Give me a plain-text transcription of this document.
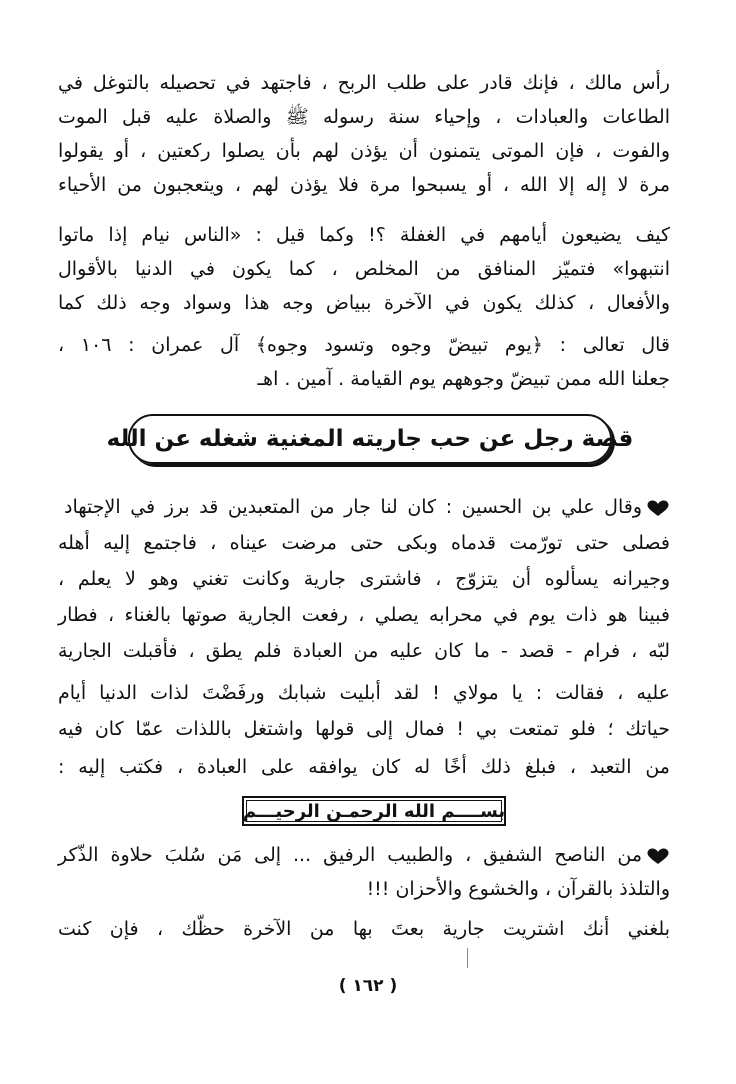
رأس مالك ، فإنك قادر على طلب الربح ، فاجتهد في تحصيله بالتوغل في
الطاعات والعبادات ، وإحياء سنة رسوله ﷺ والصلاة عليه قبل الموت
والفوت ، فإن الموتى يتمنون أن يؤذن لهم بأن يصلوا ركعتين ، أو يقولوا
مرة لا إله إلا الله ، أو يسبحوا مرة فلا يؤذن لهم ، ويتعجبون من الأحياء
كيف يضيعون أيامهم في الغفلة ؟! وكما قيل : «الناس نيام إذا ماتوا
انتبهوا» فتميّز المنافق من المخلص ، كما يكون في الدنيا بالأقوال
والأفعال ، كذلك يكون في الآخرة ببياض وجه هذا وسواد وجه ذلك كما
قال تعالى : ﴿يوم تبيضّ وجوه وتسود وجوه﴾ آل عمران : ١٠٦ ،
جعلنا الله ممن تبيضّ وجوههم يوم القيامة . آمين . اهـ
قصة رجل عن حب جاريته المغنية شغله عن الله
وقال علي بن الحسين : كان لنا جار من المتعبدين قد برز في الإجتهاد
فصلى حتى تورّمت قدماه وبكى حتى مرضت عيناه ، فاجتمع إليه أهله
وجيرانه يسألوه أن يتزوّج ، فاشترى جارية وكانت تغني وهو لا يعلم ،
فبينا هو ذات يوم في محرابه يصلي ، رفعت الجارية صوتها بالغناء ، فطار
لبّه ، فرام - قصد - ما كان عليه من العبادة فلم يطق ، فأقبلت الجارية
عليه ، فقالت : يا مولاي ! لقد أبليت شبابك ورفَضْتَ لذات الدنيا أيام
حياتك ؛ فلو تمتعت بي ! فمال إلى قولها واشتغل باللذات عمّا كان فيه
من التعبد ، فبلغ ذلك أخًا له كان يوافقه على العبادة ، فكتب إليه :
بســــم الله الرحمـن الرحيـــم
من الناصح الشفيق ، والطبيب الرفيق ... إلى مَن سُلبَ حلاوة الذّكر
والتلذذ بالقرآن ، والخشوع والأحزان !!!
بلغني أنك اشتريت جارية بعتَ بها من الآخرة حظّك ، فإن كنت
( ١٦٢ )
